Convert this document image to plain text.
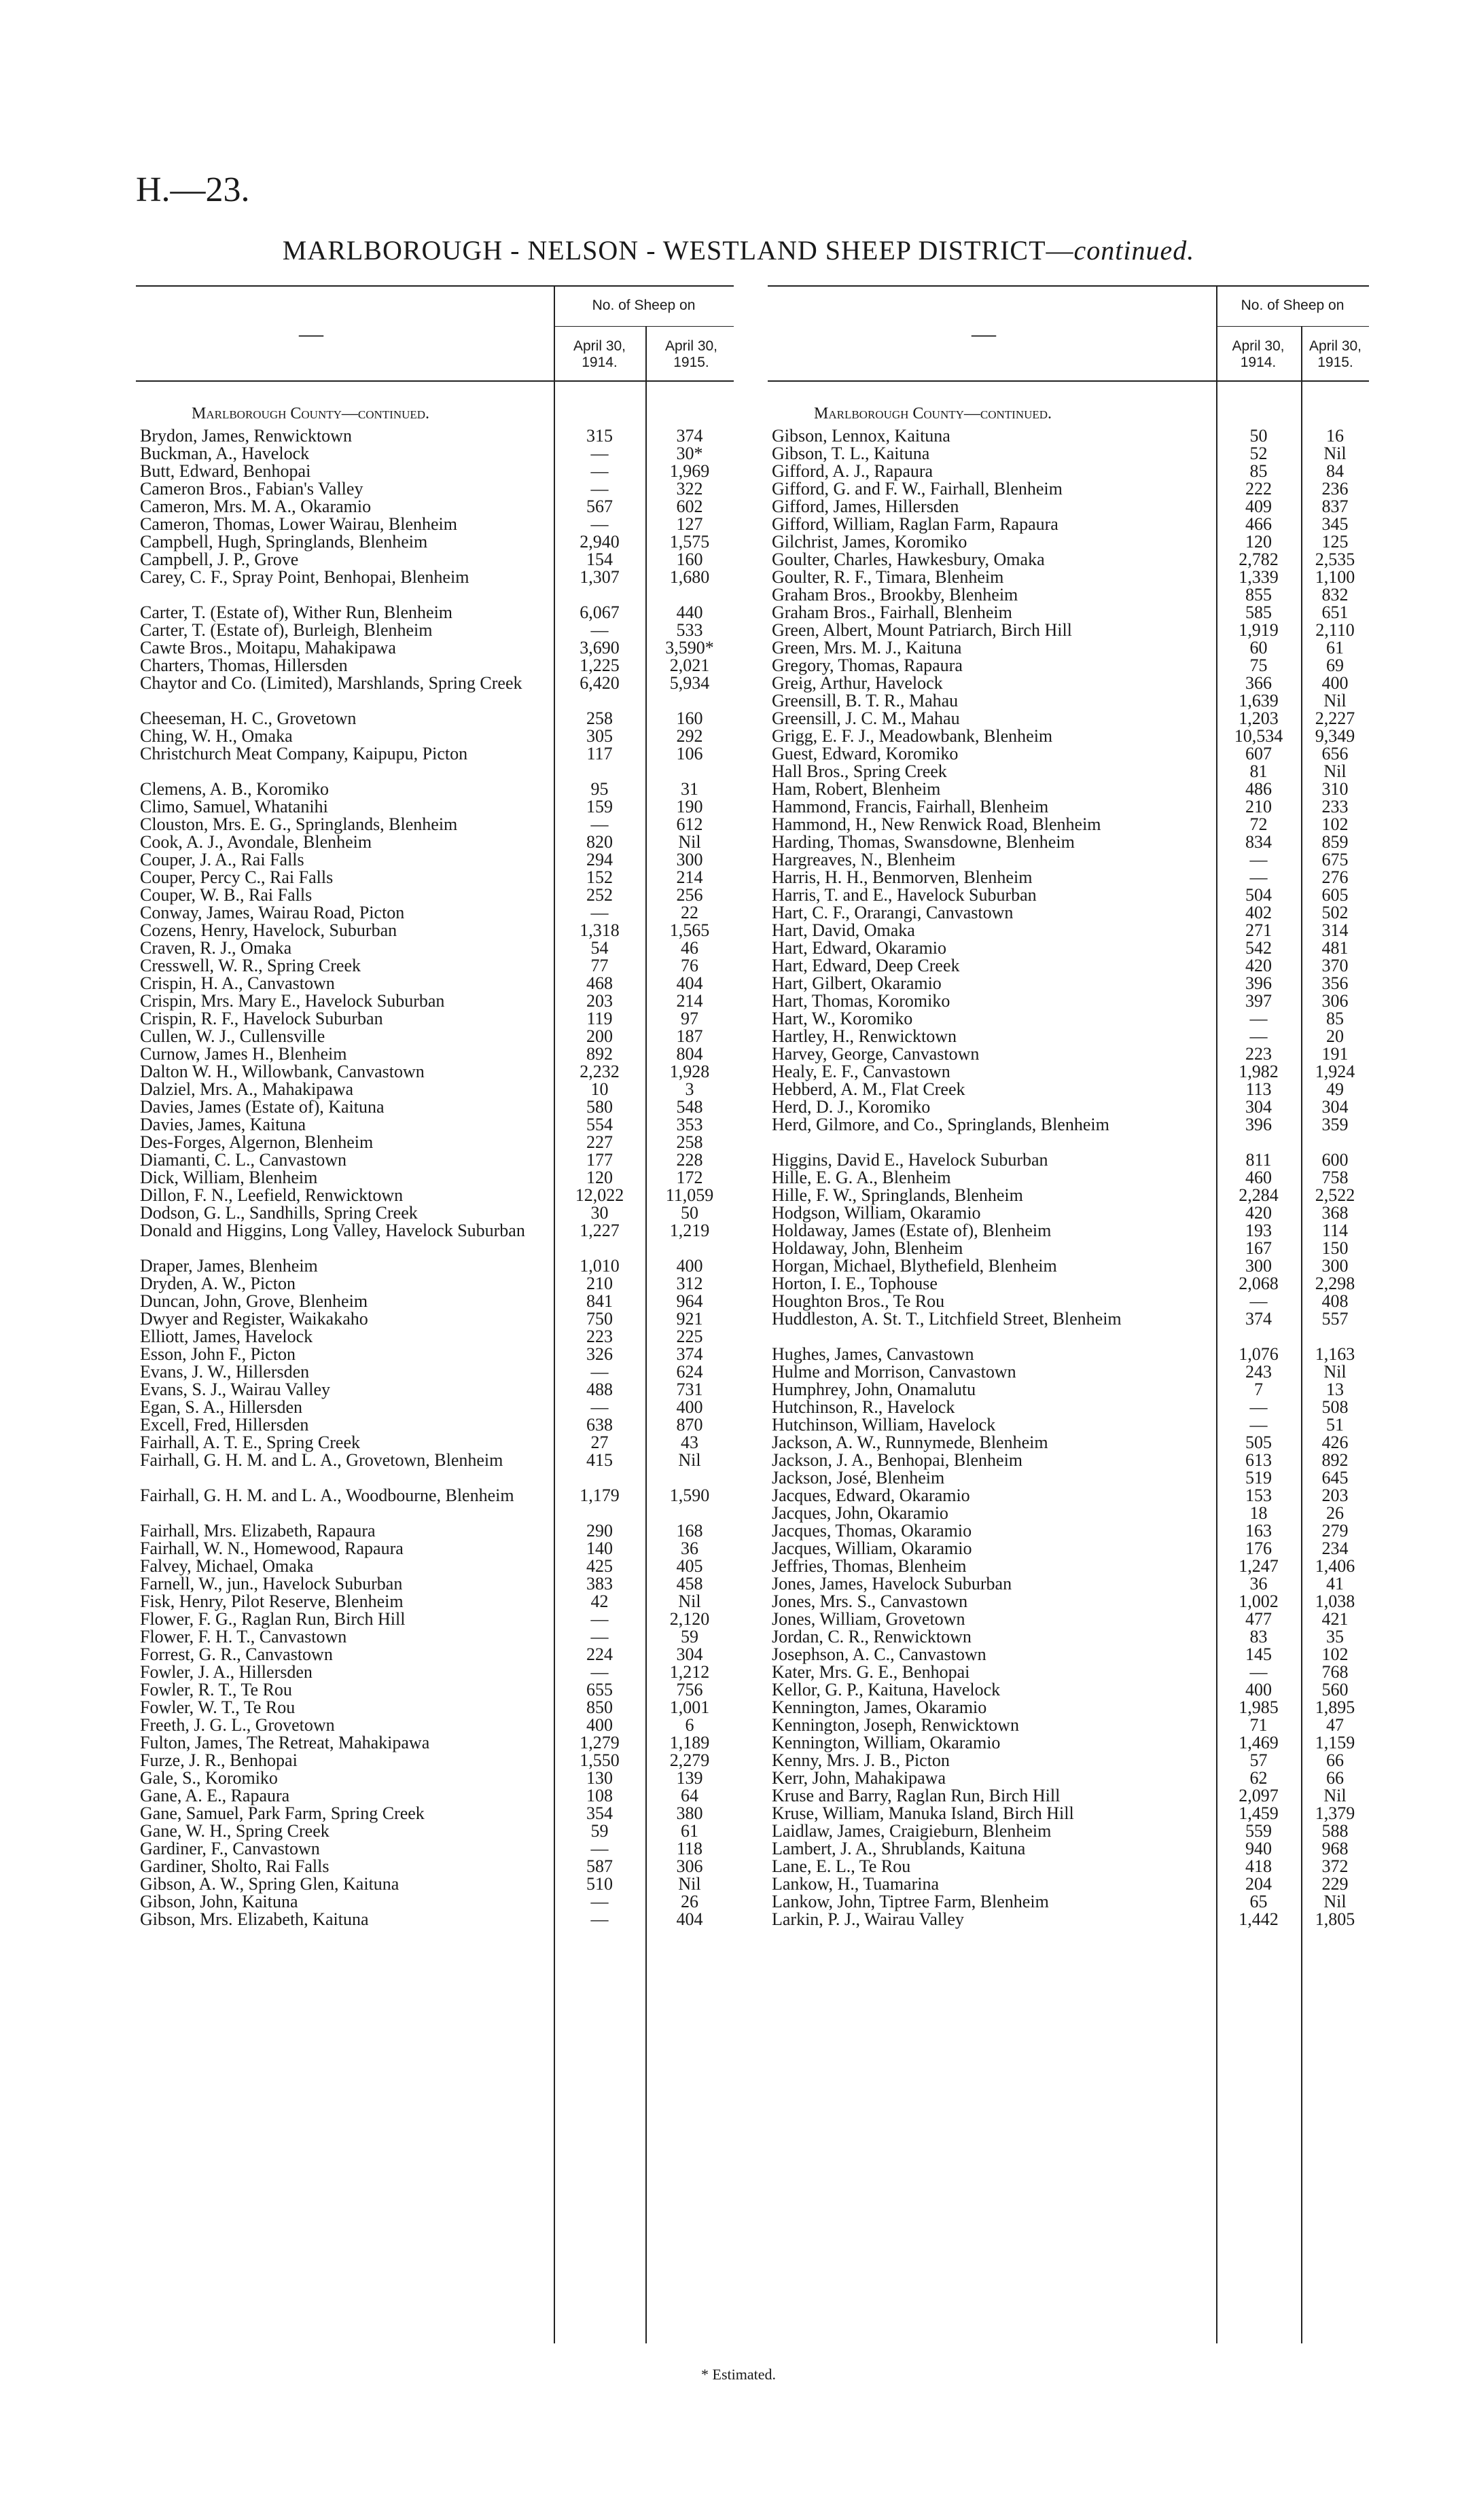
H.—23.
MARLBOROUGH - NELSON - WESTLAND SHEEP DISTRICT—continued.
—
No. of Sheep on
April 30, 1914.
April 30, 1915.
Marlborough County—continued.
Brydon, James, Renwicktown	315	374
Buckman, A., Havelock	—	30*
Butt, Edward, Benhopai	—	1,969
Cameron Bros., Fabian's Valley	—	322
Cameron, Mrs. M. A., Okaramio	567	602
Cameron, Thomas, Lower Wairau, Blenheim	—	127
Campbell, Hugh, Springlands, Blenheim	2,940	1,575
Campbell, J. P., Grove	154	160
Carey, C. F., Spray Point, Benhopai, Blenheim	1,307	1,680
Carter, T. (Estate of), Wither Run, Blenheim	6,067	440
Carter, T. (Estate of), Burleigh, Blenheim	—	533
Cawte Bros., Moitapu, Mahakipawa	3,690	3,590*
Charters, Thomas, Hillersden	1,225	2,021
Chaytor and Co. (Limited), Marshlands, Spring Creek	6,420	5,934
Cheeseman, H. C., Grovetown	258	160
Ching, W. H., Omaka	305	292
Christchurch Meat Company, Kaipupu, Picton	117	106
Clemens, A. B., Koromiko	95	31
Climo, Samuel, Whatanihi	159	190
Clouston, Mrs. E. G., Springlands, Blenheim	—	612
Cook, A. J., Avondale, Blenheim	820	Nil
Couper, J. A., Rai Falls	294	300
Couper, Percy C., Rai Falls	152	214
Couper, W. B., Rai Falls	252	256
Conway, James, Wairau Road, Picton	—	22
Cozens, Henry, Havelock, Suburban	1,318	1,565
Craven, R. J., Omaka	54	46
Cresswell, W. R., Spring Creek	77	76
Crispin, H. A., Canvastown	468	404
Crispin, Mrs. Mary E., Havelock Suburban	203	214
Crispin, R. F., Havelock Suburban	119	97
Cullen, W. J., Cullensville	200	187
Curnow, James H., Blenheim	892	804
Dalton W. H., Willowbank, Canvastown	2,232	1,928
Dalziel, Mrs. A., Mahakipawa	10	3
Davies, James (Estate of), Kaituna	580	548
Davies, James, Kaituna	554	353
Des-Forges, Algernon, Blenheim	227	258
Diamanti, C. L., Canvastown	177	228
Dick, William, Blenheim	120	172
Dillon, F. N., Leefield, Renwicktown	12,022	11,059
Dodson, G. L., Sandhills, Spring Creek	30	50
Donald and Higgins, Long Valley, Havelock Suburban	1,227	1,219
Draper, James, Blenheim	1,010	400
Dryden, A. W., Picton	210	312
Duncan, John, Grove, Blenheim	841	964
Dwyer and Register, Waikakaho	750	921
Elliott, James, Havelock	223	225
Esson, John F., Picton	326	374
Evans, J. W., Hillersden	—	624
Evans, S. J., Wairau Valley	488	731
Egan, S. A., Hillersden	—	400
Excell, Fred, Hillersden	638	870
Fairhall, A. T. E., Spring Creek	27	43
Fairhall, G. H. M. and L. A., Grovetown, Blenheim	415	Nil
Fairhall, G. H. M. and L. A., Woodbourne, Blenheim	1,179	1,590
Fairhall, Mrs. Elizabeth, Rapaura	290	168
Fairhall, W. N., Homewood, Rapaura	140	36
Falvey, Michael, Omaka	425	405
Farnell, W., jun., Havelock Suburban	383	458
Fisk, Henry, Pilot Reserve, Blenheim	42	Nil
Flower, F. G., Raglan Run, Birch Hill	—	2,120
Flower, F. H. T., Canvastown	—	59
Forrest, G. R., Canvastown	224	304
Fowler, J. A., Hillersden	—	1,212
Fowler, R. T., Te Rou	655	756
Fowler, W. T., Te Rou	850	1,001
Freeth, J. G. L., Grovetown	400	6
Fulton, James, The Retreat, Mahakipawa	1,279	1,189
Furze, J. R., Benhopai	1,550	2,279
Gale, S., Koromiko	130	139
Gane, A. E., Rapaura	108	64
Gane, Samuel, Park Farm, Spring Creek	354	380
Gane, W. H., Spring Creek	59	61
Gardiner, F., Canvastown	—	118
Gardiner, Sholto, Rai Falls	587	306
Gibson, A. W., Spring Glen, Kaituna	510	Nil
Gibson, John, Kaituna	—	26
Gibson, Mrs. Elizabeth, Kaituna	—	404
—
No. of Sheep on
April 30, 1914.
April 30, 1915.
Marlborough County—continued.
Gibson, Lennox, Kaituna	50	16
Gibson, T. L., Kaituna	52	Nil
Gifford, A. J., Rapaura	85	84
Gifford, G. and F. W., Fairhall, Blenheim	222	236
Gifford, James, Hillersden	409	837
Gifford, William, Raglan Farm, Rapaura	466	345
Gilchrist, James, Koromiko	120	125
Goulter, Charles, Hawkesbury, Omaka	2,782	2,535
Goulter, R. F., Timara, Blenheim	1,339	1,100
Graham Bros., Brookby, Blenheim	855	832
Graham Bros., Fairhall, Blenheim	585	651
Green, Albert, Mount Patriarch, Birch Hill	1,919	2,110
Green, Mrs. M. J., Kaituna	60	61
Gregory, Thomas, Rapaura	75	69
Greig, Arthur, Havelock	366	400
Greensill, B. T. R., Mahau	1,639	Nil
Greensill, J. C. M., Mahau	1,203	2,227
Grigg, E. F. J., Meadowbank, Blenheim	10,534	9,349
Guest, Edward, Koromiko	607	656
Hall Bros., Spring Creek	81	Nil
Ham, Robert, Blenheim	486	310
Hammond, Francis, Fairhall, Blenheim	210	233
Hammond, H., New Renwick Road, Blenheim	72	102
Harding, Thomas, Swansdowne, Blenheim	834	859
Hargreaves, N., Blenheim	—	675
Harris, H. H., Benmorven, Blenheim	—	276
Harris, T. and E., Havelock Suburban	504	605
Hart, C. F., Orarangi, Canvastown	402	502
Hart, David, Omaka	271	314
Hart, Edward, Okaramio	542	481
Hart, Edward, Deep Creek	420	370
Hart, Gilbert, Okaramio	396	356
Hart, Thomas, Koromiko	397	306
Hart, W., Koromiko	—	85
Hartley, H., Renwicktown	—	20
Harvey, George, Canvastown	223	191
Healy, E. F., Canvastown	1,982	1,924
Hebberd, A. M., Flat Creek	113	49
Herd, D. J., Koromiko	304	304
Herd, Gilmore, and Co., Springlands, Blenheim	396	359
Higgins, David E., Havelock Suburban	811	600
Hille, E. G. A., Blenheim	460	758
Hille, F. W., Springlands, Blenheim	2,284	2,522
Hodgson, William, Okaramio	420	368
Holdaway, James (Estate of), Blenheim	193	114
Holdaway, John, Blenheim	167	150
Horgan, Michael, Blythefield, Blenheim	300	300
Horton, I. E., Tophouse	2,068	2,298
Houghton Bros., Te Rou	—	408
Huddleston, A. St. T., Litchfield Street, Blenheim	374	557
Hughes, James, Canvastown	1,076	1,163
Hulme and Morrison, Canvastown	243	Nil
Humphrey, John, Onamalutu	7	13
Hutchinson, R., Havelock	—	508
Hutchinson, William, Havelock	—	51
Jackson, A. W., Runnymede, Blenheim	505	426
Jackson, J. A., Benhopai, Blenheim	613	892
Jackson, José, Blenheim	519	645
Jacques, Edward, Okaramio	153	203
Jacques, John, Okaramio	18	26
Jacques, Thomas, Okaramio	163	279
Jacques, William, Okaramio	176	234
Jeffries, Thomas, Blenheim	1,247	1,406
Jones, James, Havelock Suburban	36	41
Jones, Mrs. S., Canvastown	1,002	1,038
Jones, William, Grovetown	477	421
Jordan, C. R., Renwicktown	83	35
Josephson, A. C., Canvastown	145	102
Kater, Mrs. G. E., Benhopai	—	768
Kellor, G. P., Kaituna, Havelock	400	560
Kennington, James, Okaramio	1,985	1,895
Kennington, Joseph, Renwicktown	71	47
Kennington, William, Okaramio	1,469	1,159
Kenny, Mrs. J. B., Picton	57	66
Kerr, John, Mahakipawa	62	66
Kruse and Barry, Raglan Run, Birch Hill	2,097	Nil
Kruse, William, Manuka Island, Birch Hill	1,459	1,379
Laidlaw, James, Craigieburn, Blenheim	559	588
Lambert, J. A., Shrublands, Kaituna	940	968
Lane, E. L., Te Rou	418	372
Lankow, H., Tuamarina	204	229
Lankow, John, Tiptree Farm, Blenheim	65	Nil
Larkin, P. J., Wairau Valley	1,442	1,805
* Estimated.
